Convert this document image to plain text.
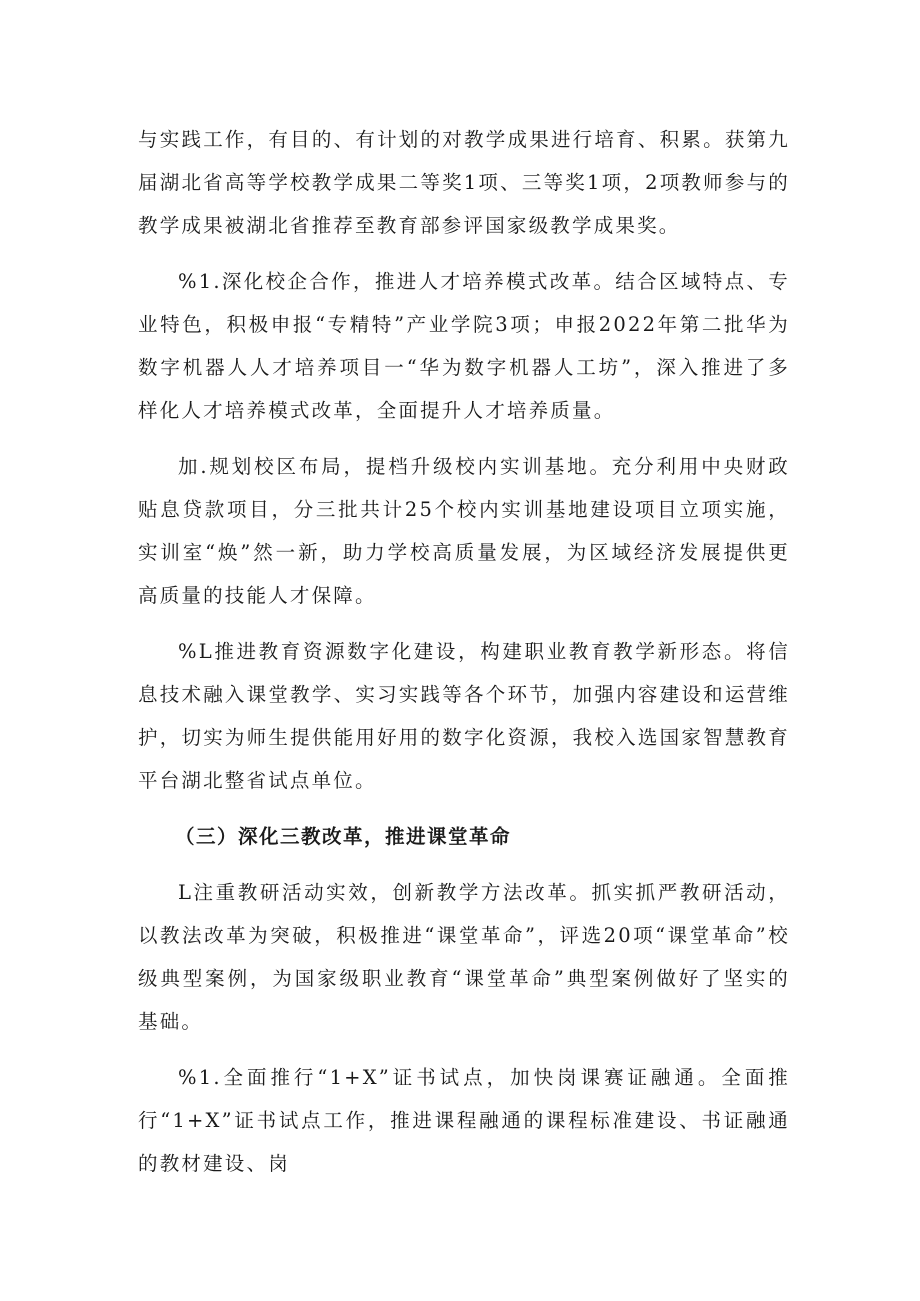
与实践工作，有目的、有计划的对教学成果进行培育、积累。获第九届湖北省高等学校教学成果二等奖1项、三等奖1项，2项教师参与的教学成果被湖北省推荐至教育部参评国家级教学成果奖。

%1.深化校企合作，推进人才培养模式改革。结合区域特点、专业特色，积极申报“专精特”产业学院3项；申报2022年第二批华为数字机器人人才培养项目一“华为数字机器人工坊”，深入推进了多样化人才培养模式改革，全面提升人才培养质量。

加.规划校区布局，提档升级校内实训基地。充分利用中央财政贴息贷款项目，分三批共计25个校内实训基地建设项目立项实施，实训室“焕”然一新，助力学校高质量发展，为区域经济发展提供更高质量的技能人才保障。

%L推进教育资源数字化建设，构建职业教育教学新形态。将信息技术融入课堂教学、实习实践等各个环节，加强内容建设和运营维护，切实为师生提供能用好用的数字化资源，我校入选国家智慧教育平台湖北整省试点单位。

（三）深化三教改革，推进课堂革命

L注重教研活动实效，创新教学方法改革。抓实抓严教研活动，以教法改革为突破，积极推进“课堂革命”，评选20项“课堂革命”校级典型案例，为国家级职业教育“课堂革命”典型案例做好了坚实的基础。

%1.全面推行“1+X”证书试点，加快岗课赛证融通。全面推行“1+X”证书试点工作，推进课程融通的课程标准建设、书证融通的教材建设、岗
